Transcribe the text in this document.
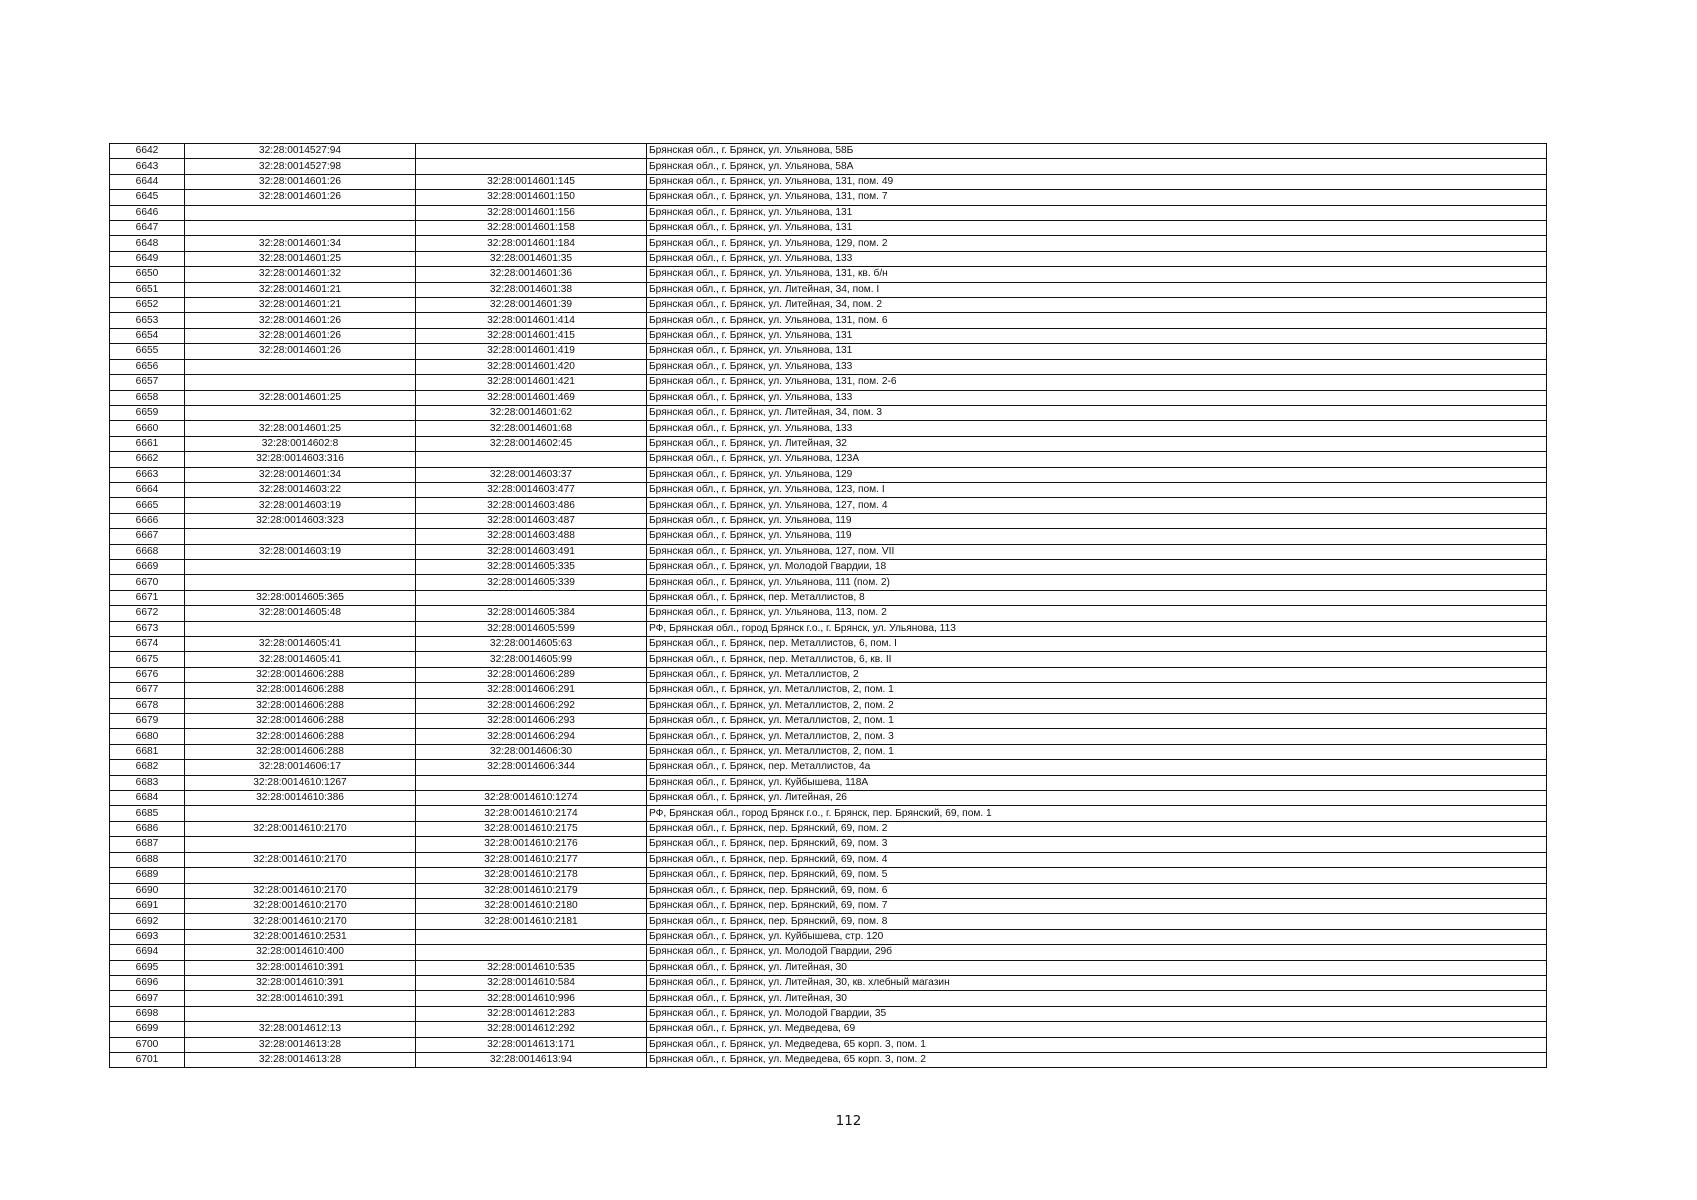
6642	32:28:0014527:94		Брянская обл., г. Брянск, ул. Ульянова, 58Б
6643	32:28:0014527:98		Брянская обл., г. Брянск, ул. Ульянова, 58А
6644	32:28:0014601:26	32:28:0014601:145	Брянская обл., г. Брянск, ул. Ульянова, 131, пом. 49
6645	32:28:0014601:26	32:28:0014601:150	Брянская обл., г. Брянск, ул. Ульянова, 131, пом. 7
6646		32:28:0014601:156	Брянская обл., г. Брянск, ул. Ульянова, 131
6647		32:28:0014601:158	Брянская обл., г. Брянск, ул. Ульянова, 131
6648	32:28:0014601:34	32:28:0014601:184	Брянская обл., г. Брянск, ул. Ульянова, 129, пом. 2
6649	32:28:0014601:25	32:28:0014601:35	Брянская обл., г. Брянск, ул. Ульянова, 133
6650	32:28:0014601:32	32:28:0014601:36	Брянская обл., г. Брянск, ул. Ульянова, 131, кв. б/н
6651	32:28:0014601:21	32:28:0014601:38	Брянская обл., г. Брянск, ул. Литейная, 34, пом. I
6652	32:28:0014601:21	32:28:0014601:39	Брянская обл., г. Брянск, ул. Литейная, 34, пом. 2
6653	32:28:0014601:26	32:28:0014601:414	Брянская обл., г. Брянск, ул. Ульянова, 131, пом. 6
6654	32:28:0014601:26	32:28:0014601:415	Брянская обл., г. Брянск, ул. Ульянова, 131
6655	32:28:0014601:26	32:28:0014601:419	Брянская обл., г. Брянск, ул. Ульянова, 131
6656		32:28:0014601:420	Брянская обл., г. Брянск, ул. Ульянова, 133
6657		32:28:0014601:421	Брянская обл., г. Брянск, ул. Ульянова, 131, пом. 2-6
6658	32:28:0014601:25	32:28:0014601:469	Брянская обл., г. Брянск, ул. Ульянова, 133
6659		32:28:0014601:62	Брянская обл., г. Брянск, ул. Литейная, 34, пом. 3
6660	32:28:0014601:25	32:28:0014601:68	Брянская обл., г. Брянск, ул. Ульянова, 133
6661	32:28:0014602:8	32:28:0014602:45	Брянская обл., г. Брянск, ул. Литейная, 32
6662	32:28:0014603:316		Брянская обл., г. Брянск, ул. Ульянова, 123А
6663	32:28:0014601:34	32:28:0014603:37	Брянская обл., г. Брянск, ул. Ульянова, 129
6664	32:28:0014603:22	32:28:0014603:477	Брянская обл., г. Брянск, ул. Ульянова, 123, пом. I
6665	32:28:0014603:19	32:28:0014603:486	Брянская обл., г. Брянск, ул. Ульянова, 127, пом. 4
6666	32:28:0014603:323	32:28:0014603:487	Брянская обл., г. Брянск, ул. Ульянова, 119
6667		32:28:0014603:488	Брянская обл., г. Брянск, ул. Ульянова, 119
6668	32:28:0014603:19	32:28:0014603:491	Брянская обл., г. Брянск, ул. Ульянова, 127, пом. VII
6669		32:28:0014605:335	Брянская обл., г. Брянск, ул. Молодой Гвардии, 18
6670		32:28:0014605:339	Брянская обл., г. Брянск, ул. Ульянова, 111 (пом. 2)
6671	32:28:0014605:365		Брянская обл., г. Брянск, пер. Металлистов, 8
6672	32:28:0014605:48	32:28:0014605:384	Брянская обл., г. Брянск, ул. Ульянова, 113, пом. 2
6673		32:28:0014605:599	РФ, Брянская обл., город Брянск г.о., г. Брянск, ул. Ульянова, 113
6674	32:28:0014605:41	32:28:0014605:63	Брянская обл., г. Брянск, пер. Металлистов, 6, пом. I
6675	32:28:0014605:41	32:28:0014605:99	Брянская обл., г. Брянск, пер. Металлистов, 6, кв. II
6676	32:28:0014606:288	32:28:0014606:289	Брянская обл., г. Брянск, ул. Металлистов, 2
6677	32:28:0014606:288	32:28:0014606:291	Брянская обл., г. Брянск, ул. Металлистов, 2, пом. 1
6678	32:28:0014606:288	32:28:0014606:292	Брянская обл., г. Брянск, ул. Металлистов, 2, пом. 2
6679	32:28:0014606:288	32:28:0014606:293	Брянская обл., г. Брянск, ул. Металлистов, 2, пом. 1
6680	32:28:0014606:288	32:28:0014606:294	Брянская обл., г. Брянск, ул. Металлистов, 2, пом. 3
6681	32:28:0014606:288	32:28:0014606:30	Брянская обл., г. Брянск, ул. Металлистов, 2, пом. 1
6682	32:28:0014606:17	32:28:0014606:344	Брянская обл., г. Брянск, пер. Металлистов, 4а
6683	32:28:0014610:1267		Брянская обл., г. Брянск, ул. Куйбышева, 118А
6684	32:28:0014610:386	32:28:0014610:1274	Брянская обл., г. Брянск, ул. Литейная, 26
6685		32:28:0014610:2174	РФ, Брянская обл., город Брянск г.о., г. Брянск, пер. Брянский, 69, пом. 1
6686	32:28:0014610:2170	32:28:0014610:2175	Брянская обл., г. Брянск, пер. Брянский, 69, пом. 2
6687		32:28:0014610:2176	Брянская обл., г. Брянск, пер. Брянский, 69, пом. 3
6688	32:28:0014610:2170	32:28:0014610:2177	Брянская обл., г. Брянск, пер. Брянский, 69, пом. 4
6689		32:28:0014610:2178	Брянская обл., г. Брянск, пер. Брянский, 69, пом. 5
6690	32:28:0014610:2170	32:28:0014610:2179	Брянская обл., г. Брянск, пер. Брянский, 69, пом. 6
6691	32:28:0014610:2170	32:28:0014610:2180	Брянская обл., г. Брянск, пер. Брянский, 69, пом. 7
6692	32:28:0014610:2170	32:28:0014610:2181	Брянская обл., г. Брянск, пер. Брянский, 69, пом. 8
6693	32:28:0014610:2531		Брянская обл., г. Брянск, ул. Куйбышева, стр. 120
6694	32:28:0014610:400		Брянская обл., г. Брянск, ул. Молодой Гвардии, 29б
6695	32:28:0014610:391	32:28:0014610:535	Брянская обл., г. Брянск, ул. Литейная, 30
6696	32:28:0014610:391	32:28:0014610:584	Брянская обл., г. Брянск, ул. Литейная, 30, кв. хлебный магазин
6697	32:28:0014610:391	32:28:0014610:996	Брянская обл., г. Брянск, ул. Литейная, 30
6698		32:28:0014612:283	Брянская обл., г. Брянск, ул. Молодой Гвардии, 35
6699	32:28:0014612:13	32:28:0014612:292	Брянская обл., г. Брянск, ул. Медведева, 69
6700	32:28:0014613:28	32:28:0014613:171	Брянская обл., г. Брянск, ул. Медведева, 65 корп. 3, пом. 1
6701	32:28:0014613:28	32:28:0014613:94	Брянская обл., г. Брянск, ул. Медведева, 65 корп. 3, пом. 2
112
